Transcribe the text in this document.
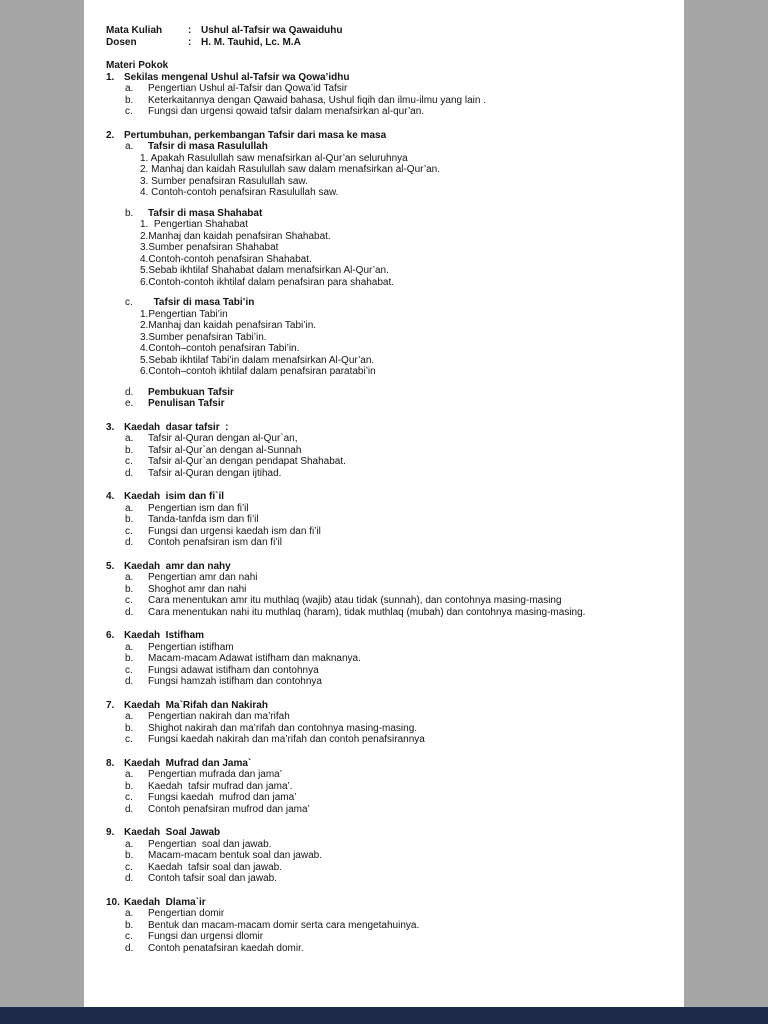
Mata Kuliah	: Ushul al-Tafsir wa Qawaiduhu
Dosen	: H. M. Tauhid, Lc. M.A
Materi Pokok
1. Sekilas mengenal Ushul al-Tafsir wa Qowa’idhu
a.	Pengertian Ushul al-Tafsir dan Qowa’id Tafsir
b.	Keterkaitannya dengan Qawaid bahasa, Ushul fiqih dan ilmu-ilmu yang lain .
c.	Fungsi dan urgensi qowaid tafsir dalam menafsirkan al-qur’an.
2. Pertumbuhan, perkembangan Tafsir dari masa ke masa
a.	Tafsir di masa Rasulullah
1. Apakah Rasulullah saw menafsirkan al-Qur’an seluruhnya
2. Manhaj dan kaidah Rasulullah saw dalam menafsirkan al-Qur’an.
3. Sumber penafsiran Rasulullah saw.
4. Contoh-contoh penafsiran Rasulullah saw.
b.	Tafsir di masa Shahabat
1.  Pengertian Shahabat
2.Manhaj dan kaidah penafsiran Shahabat.
3.Sumber penafsiran Shahabat
4.Contoh-contoh penafsiran Shahabat.
5.Sebab ikhtilaf Shahabat dalam menafsirkan Al-Qur’an.
6.Contoh-contoh ikhtilaf dalam penafsiran para shahabat.
c.	Tafsir di masa Tabi’in
1.Pengertian Tabi’in
2.Manhaj dan kaidah penafsiran Tabi’in.
3.Sumber penafsiran Tabi’in.
4.Contoh–contoh penafsiran Tabi’in.
5.Sebab ikhtilaf Tabi’in dalam menafsirkan Al-Qur’an.
6.Contoh–contoh ikhtilaf dalam penafsiran paratabi’in
d.	Pembukuan Tafsir
e.	Penulisan Tafsir
3. Kaedah  dasar tafsir  :
a.	Tafsir al-Quran dengan al-Qur`an,
b.	Tafsir al-Qur`an dengan al-Sunnah
c.	Tafsir al-Qur`an dengan pendapat Shahabat.
d.	Tafsir al-Quran dengan ijtihad.
4. Kaedah  isim dan fi`il
a.	Pengertian ism dan fi’il
b.	Tanda-tanfda ism dan fi’il
c.	Fungsi dan urgensi kaedah ism dan fi’il
d.	Contoh penafsiran ism dan fi’il
5. Kaedah  amr dan nahy
a.	Pengertian amr dan nahi
b.	Shoghot amr dan nahi
c.	Cara menentukan amr itu muthlaq (wajib) atau tidak (sunnah), dan contohnya masing-masing
d.	Cara menentukan nahi itu muthlaq (haram), tidak muthlaq (mubah) dan contohnya masing-masing.
6. Kaedah  Istifham
a.	Pengertian istifham
b.	Macam-macam Adawat istifham dan maknanya.
c.	Fungsi adawat istifham dan contohnya
d.	Fungsi hamzah istifham dan contohnya
7. Kaedah  Ma`Rifah dan Nakirah
a.	Pengertian nakirah dan ma’rifah
b.	Shighot nakirah dan ma’rifah dan contohnya masing-masing.
c.	Fungsi kaedah nakirah dan ma’rifah dan contoh penafsirannya
8. Kaedah  Mufrad dan Jama`
a.	Pengertian mufrada dan jama’
b.	Kaedah  tafsir mufrad dan jama’.
c.	Fungsi kaedah  mufrod dan jama’
d.	Contoh penafsiran mufrod dan jama’
9. Kaedah  Soal Jawab
a.	Pengertian  soal dan jawab.
b.	Macam-macam bentuk soal dan jawab.
c.	Kaedah  tafsir soal dan jawab.
d.	Contoh tafsir soal dan jawab.
10. Kaedah  Dlama`ir
a.	Pengertian domir
b.	Bentuk dan macam-macam domir serta cara mengetahuinya.
c.	Fungsi dan urgensi dlomir
d.	Contoh penatafsiran kaedah domir.
